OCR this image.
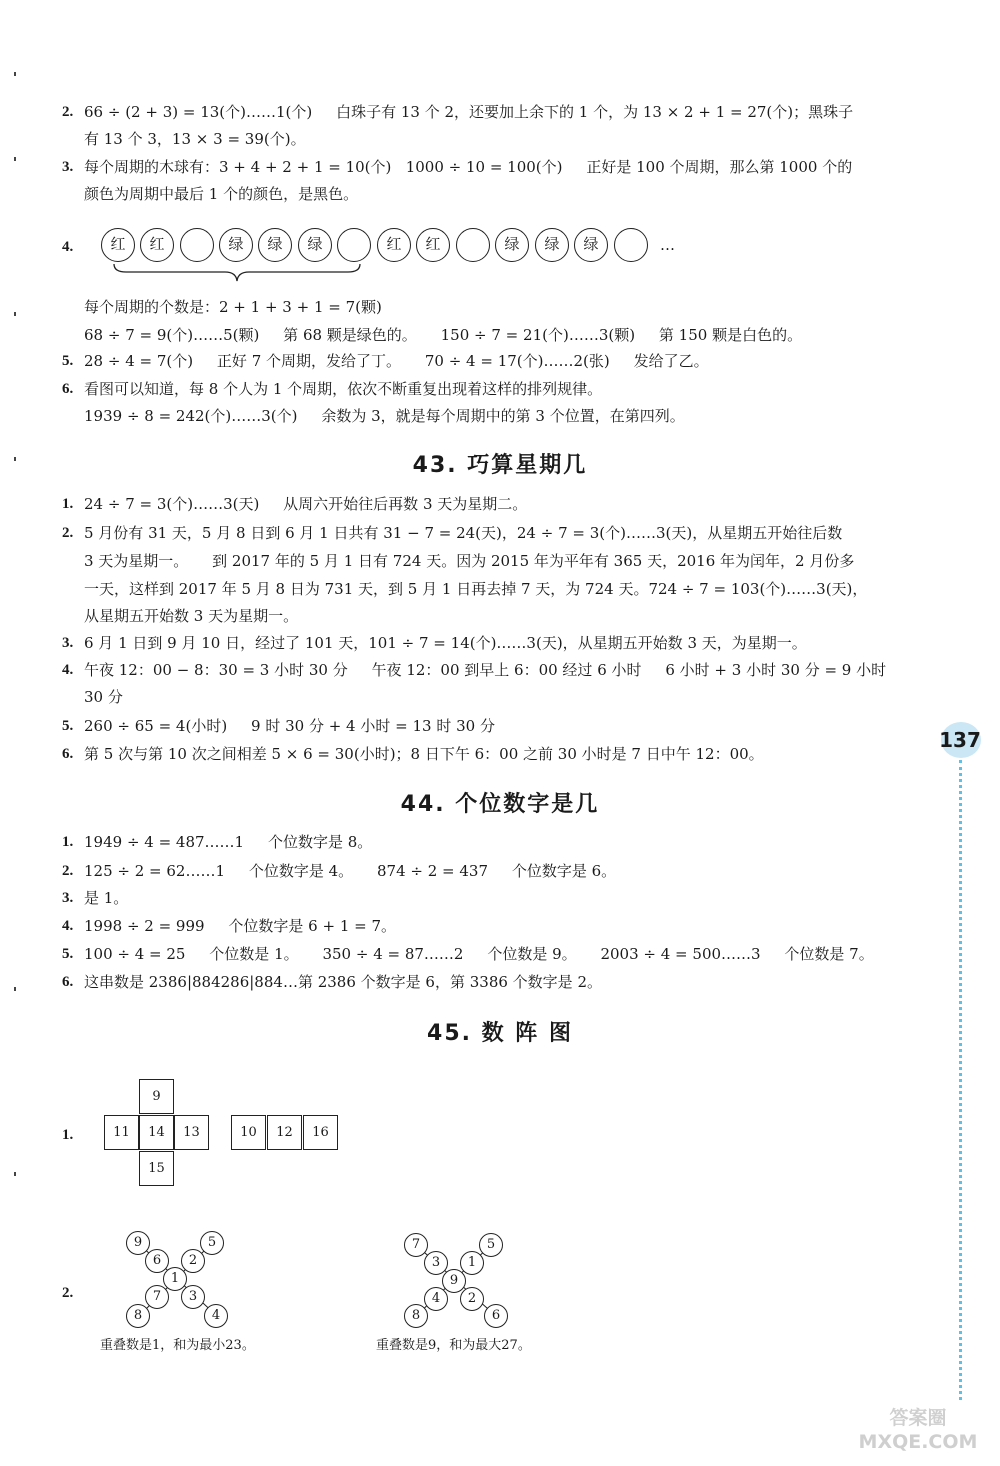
2. 66 ÷ (2 + 3) = 13(个)……1(个)     白珠子有 13 个 2，还要加上余下的 1 个，为 13 × 2 + 1 = 27(个)；黑珠子
有 13 个 3，13 × 3 = 39(个)。
3. 每个周期的木球有：3 + 4 + 2 + 1 = 10(个)   1000 ÷ 10 = 100(个)     正好是 100 个周期，那么第 1000 个的
颜色为周期中最后 1 个的颜色，是黑色。
4.	红	红	绿	绿	绿	红	红	绿	绿	绿	…
每个周期的个数是：2 + 1 + 3 + 1 = 7(颗)
68 ÷ 7 = 9(个)……5(颗)     第 68 颗是绿色的。     150 ÷ 7 = 21(个)……3(颗)     第 150 颗是白色的。
5. 28 ÷ 4 = 7(个)     正好 7 个周期，发给了丁。     70 ÷ 4 = 17(个)……2(张)     发给了乙。
6. 看图可以知道，每 8 个人为 1 个周期，依次不断重复出现着这样的排列规律。
1939 ÷ 8 = 242(个)……3(个)     余数为 3，就是每个周期中的第 3 个位置，在第四列。
43. 巧算星期几
1. 24 ÷ 7 = 3(个)……3(天)     从周六开始往后再数 3 天为星期二。
2. 5 月份有 31 天，5 月 8 日到 6 月 1 日共有 31 − 7 = 24(天)，24 ÷ 7 = 3(个)……3(天)，从星期五开始往后数
3 天为星期一。     到 2017 年的 5 月 1 日有 724 天。因为 2015 年为平年有 365 天，2016 年为闰年，2 月份多
一天，这样到 2017 年 5 月 8 日为 731 天，到 5 月 1 日再去掉 7 天，为 724 天。724 ÷ 7 = 103(个)……3(天)，
从星期五开始数 3 天为星期一。
3. 6 月 1 日到 9 月 10 日，经过了 101 天，101 ÷ 7 = 14(个)……3(天)，从星期五开始数 3 天，为星期一。
4. 午夜 12：00 − 8：30 = 3 小时 30 分     午夜 12：00 到早上 6：00 经过 6 小时     6 小时 + 3 小时 30 分 = 9 小时
30 分
5. 260 ÷ 65 = 4(小时)     9 时 30 分 + 4 小时 = 13 时 30 分
6. 第 5 次与第 10 次之间相差 5 × 6 = 30(小时)；8 日下午 6：00 之前 30 小时是 7 日中午 12：00。
44. 个位数字是几
1. 1949 ÷ 4 = 487……1     个位数字是 8。
2. 125 ÷ 2 = 62……1     个位数字是 4。     874 ÷ 2 = 437     个位数字是 6。
3. 是 1。
4. 1998 ÷ 2 = 999     个位数字是 6 + 1 = 7。
5. 100 ÷ 4 = 25     个位数是 1。     350 ÷ 4 = 87……2     个位数是 9。     2003 ÷ 4 = 500……3     个位数是 7。
6. 这串数是 2386|884286|884…第 2386 个数字是 6，第 3386 个数字是 2。
45. 数 阵 图
1.
9
11	14	13
15
10	12	16
2.
9	5
6	2
1
7	3
8	4
重叠数是1，和为最小23。
7	5
3	1
9
4	2
8	6
重叠数是9，和为最大27。
137
答案圈 MXQE.COM
